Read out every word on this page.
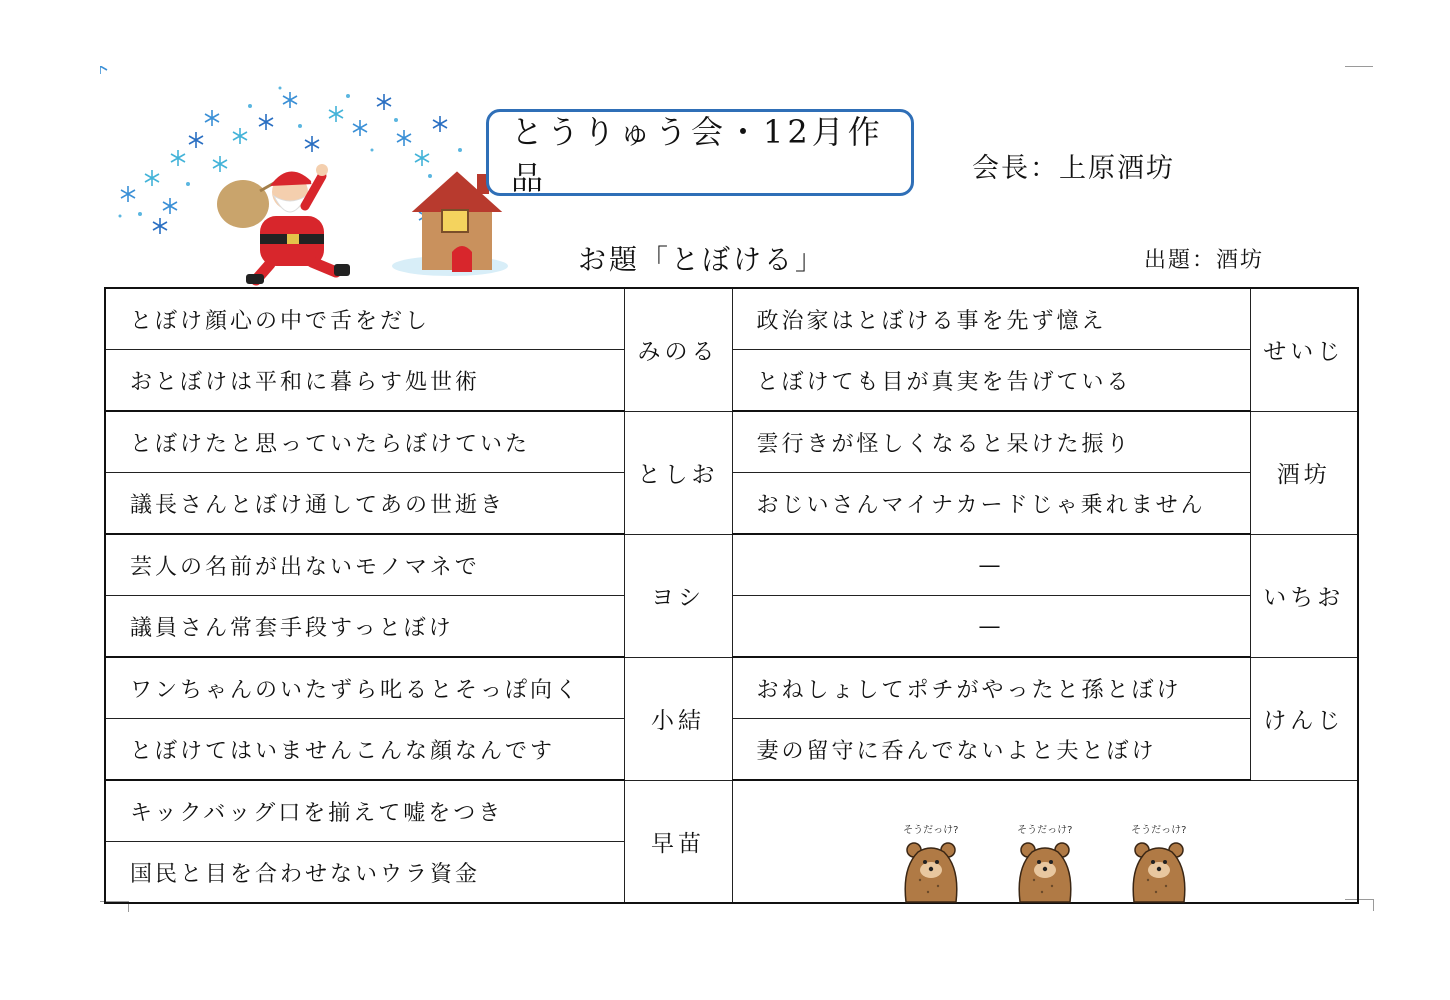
とうりゅう会・12月作品	会長：上原酒坊
お題「とぼける」	出題：酒坊
とぼけ顔心の中で舌をだし	みのる	政治家はとぼける事を先ず憶え	せいじ
おとぼけは平和に暮らす処世術		とぼけても目が真実を告げている	
とぼけたと思っていたらぼけていた	としお	雲行きが怪しくなると呆けた振り	酒坊
議長さんとぼけ通してあの世逝き		おじいさんマイナカードじゃ乗れません	
芸人の名前が出ないモノマネで	ヨシ	—	いちお
議員さん常套手段すっとぼけ		—	
ワンちゃんのいたずら叱るとそっぽ向く	小結	おねしょしてポチがやったと孫とぼけ	けんじ
とぼけてはいませんこんな顔なんです		妻の留守に呑んでないよと夫とぼけ	
キックバッグ口を揃えて嘘をつき	早苗	そうだっけ? そうだっけ? そうだっけ?	

国民と目を合わせないウラ資金			
